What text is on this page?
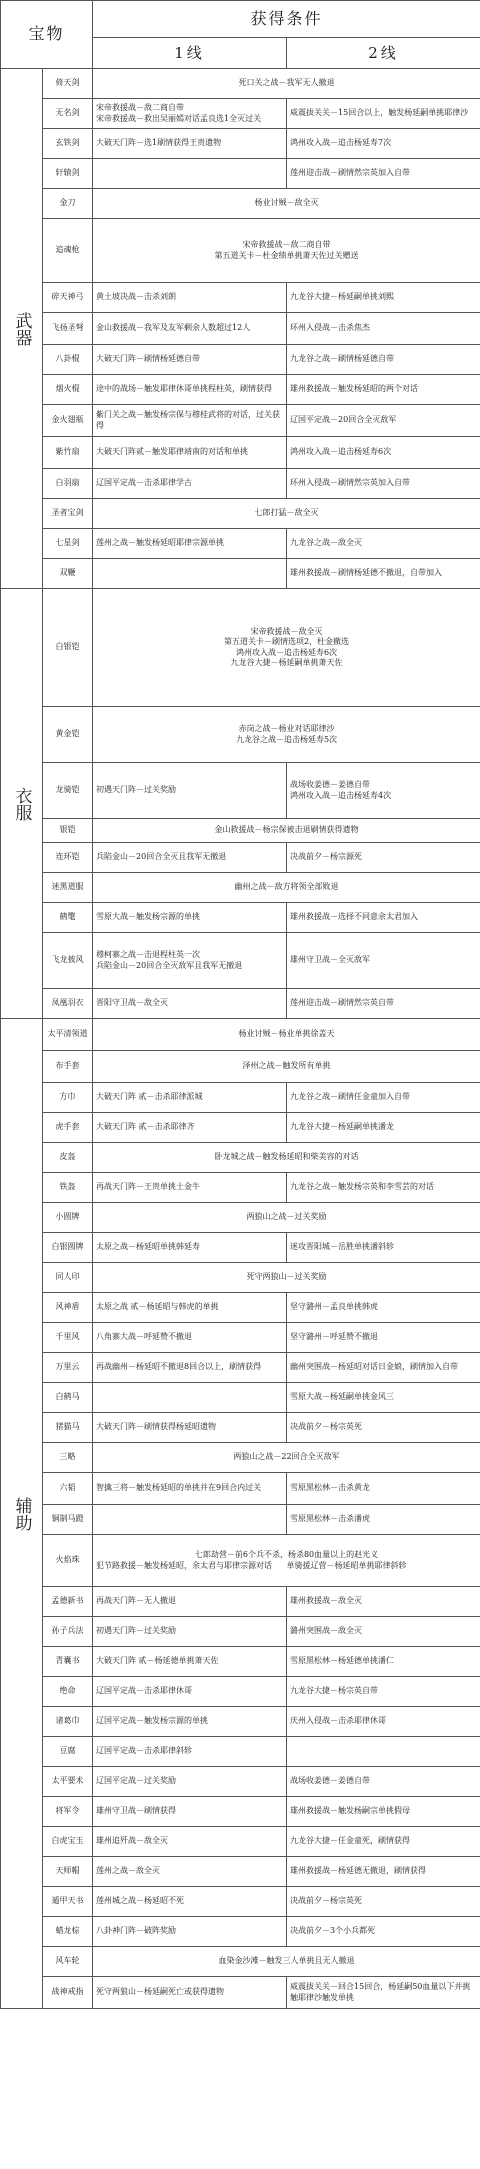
宝物		获得条件	
		1线	2线
武器	倚天剑	死口关之战－我军无人撤退	

	无名剑	宋帝救援战－敌二商自带
宋帝救援战－救出吴丽嫣对话孟良选1全灭过关	威震拔关关－15回合以上，触发杨延嗣单挑耶律沙

	玄铁剑	大破天门阵－选1刷情获得王贵遗物	鸿州攻入战－追击杨延寿7次

	轩辕剑		莲州迎击战－刷情然宗英加入自带

	金刀	杨业讨贼－敌全灭	

	追魂枪	宋帝救援战－敌二商自带
第五道关卡－杜金绩单挑萧天佐过关赠送	

	碎天神弓	黄土坡决战－击杀刘朗	九龙谷大捷－杨延嗣单挑刘熙

	飞扬圣弩	金山救援战－我军及友军剩余人数超过12人	环州入侵战－击杀焦杰

	八卦棍	大破天门阵－刷情杨延德自带	九龙谷之战－刷情杨延德自带

	烟火棍	途中的战场－触发耶律休哥单挑程柱英，刷情获得	雄州救援战－触发杨延昭的两个对话

	金火翅瓶	紫门关之战－触发杨宗保与穆桂武将的对话，过关获得	辽国平定战－20回合全灭敌军

	紫竹扇	大破天门阵贰－触发耶律靖南的对话和单挑	鸿州攻入战－追击杨延寿6次

	白羽扇	辽国平定战－击杀耶律学古	环州入侵战－刷情然宗英加入自带

	圣者宝剑	七郎打猛－敌全灭	

	七星剑	莲州之战－触发杨延昭耶律宗源单挑	九龙谷之战－敌全灭

	双鞭		雄州救援战－刷情杨延德不撤退，自带加入

衣服	白银铠	宋帝救援战－敌全灭
第五道关卡－刷情选项2，杜金撤选
鸿州攻入战－追击杨延寿6次
九龙谷大捷－杨延嗣单挑萧天佐	

	黄金铠	赤岗之战－杨业对话耶律沙
九龙谷之战－追击杨延寿5次	

	龙骑铠	初遇天门阵－过关奖励	战场收姜德－姜德自带
鸿州攻入战－追击杨延寿4次

	银铠	金山救援战－杨宗保被击退刷情获得遗物	

	连环铠	兵陷金山－20回合全灭且我军无撤退	决战前夕－杨宗源死

	迷黑道服	幽州之战－敌方将领全部败退	

	鹤氅	雪原大战－触发杨宗源的单挑	雄州救援战－选择不同意余太君加入

	飞龙披风	穆柯寨之战－击退程柱英一次
兵陷金山－20回合全灭敌军且我军无撤退	雄州守卫战－全灭敌军

	凤凰羽衣	晋阳守卫战－敌全灭	莲州迎击战－刷情然宗英自带

辅助	太平清领道	杨业讨贼－杨业单挑徐盖天	

	布手套	泽州之战－触发所有单挑	

	方巾	大破天门阵 贰－击杀耶律派城	九龙谷之战－刷情任金童加入自带

	虎手套	大破天门阵 贰－击杀耶律齐	九龙谷大捷－杨延嗣单挑潘龙

	皮盔	卧龙城之战－触发杨延昭和柴美容的对话	

	铁盔	再战天门阵－王贵单挑土金牛	九龙谷之战－触发杨宗英和李雪芸的对话

	小圆牌	两狼山之战－过关奖励	

	白银圆牌	太原之战－杨延昭单挑韩延寿	迷攻晋阳城－岳胜单挑潘斜轸

	同人印	死守两狼山－过关奖励	

	风神盾	太原之战 贰－杨延昭与韩虎的单挑	坚守潞州－孟良单挑韩虎

	千里风	八角寨大战－呼延赞不撤退	坚守潞州－呼延赞不撤退

	万里云	再战幽州－杨延昭不撤退8回合以上，刷情获得	幽州突围战－杨延昭对话日金娘，刷情加入自带

	白鹤马		雪原大战－杨延嗣单挑金风三

	猪猫马	大破天门阵－刷情获得杨延昭遗物	决战前夕－杨宗英死

	三略	两狼山之战－22回合全灭敌军	

	六韬	智擒三将－触发杨延昭的单挑并在9回合内过关	雪原黑松林－击杀黄龙

	铜制马蹬		雪原黑松林－击杀潘虎

	火焰珠	七郎劫营－前6个兵不杀，杨杀80血量以上的赵光义
犯节路救援－触发杨延昭，余太君与耶律宗源对话 单骑援辽营－杨延昭单挑耶律斜轸	

	孟德新书	再战天门阵－无人撤退	雄州救援战－敌全灭

	孙子兵法	初遇天门阵－过关奖励	潞州突围战－敌全灭

	青囊书	大破天门阵 贰－杨延德单挑萧天佐	雪原黑松林－杨延德单挑潘仁

	绝命	辽国平定战－击杀耶律休哥	九龙谷大捷－杨宗英自带

	诸葛巾	辽国平定战－触发杨宗源的单挑	庆州入侵战－击杀耶律休哥

	豆腐	辽国平定战－击杀耶律斜轸	

	太平要术	辽国平定战－过关奖励	战场收姜德－姜德自带

	将军令	雄州守卫战－刷情获得	雄州救援战－触发杨嗣宗单挑假母

	白虎宝玉	雄州追歼战－敌全灭	九龙谷大捷－任金童死，刷情获得

	天师帽	莲州之战－敌全灭	雄州救援战－杨延德无撤退，刷情获得

	遁甲天书	莲州城之战－杨延昭不死	决战前夕－杨宗英死

	蜡龙棕	八卦神门阵－破阵奖励	决战前夕－3个小兵都死

	风车轮	血染金沙滩－触发三人单挑且无人撤退	

	战神戒指	死守两狼山－杨延嗣死亡或获得遗物	威震拔关关－回合15回合，杨延嗣50血量以下并挑触耶律沙触发单挑
